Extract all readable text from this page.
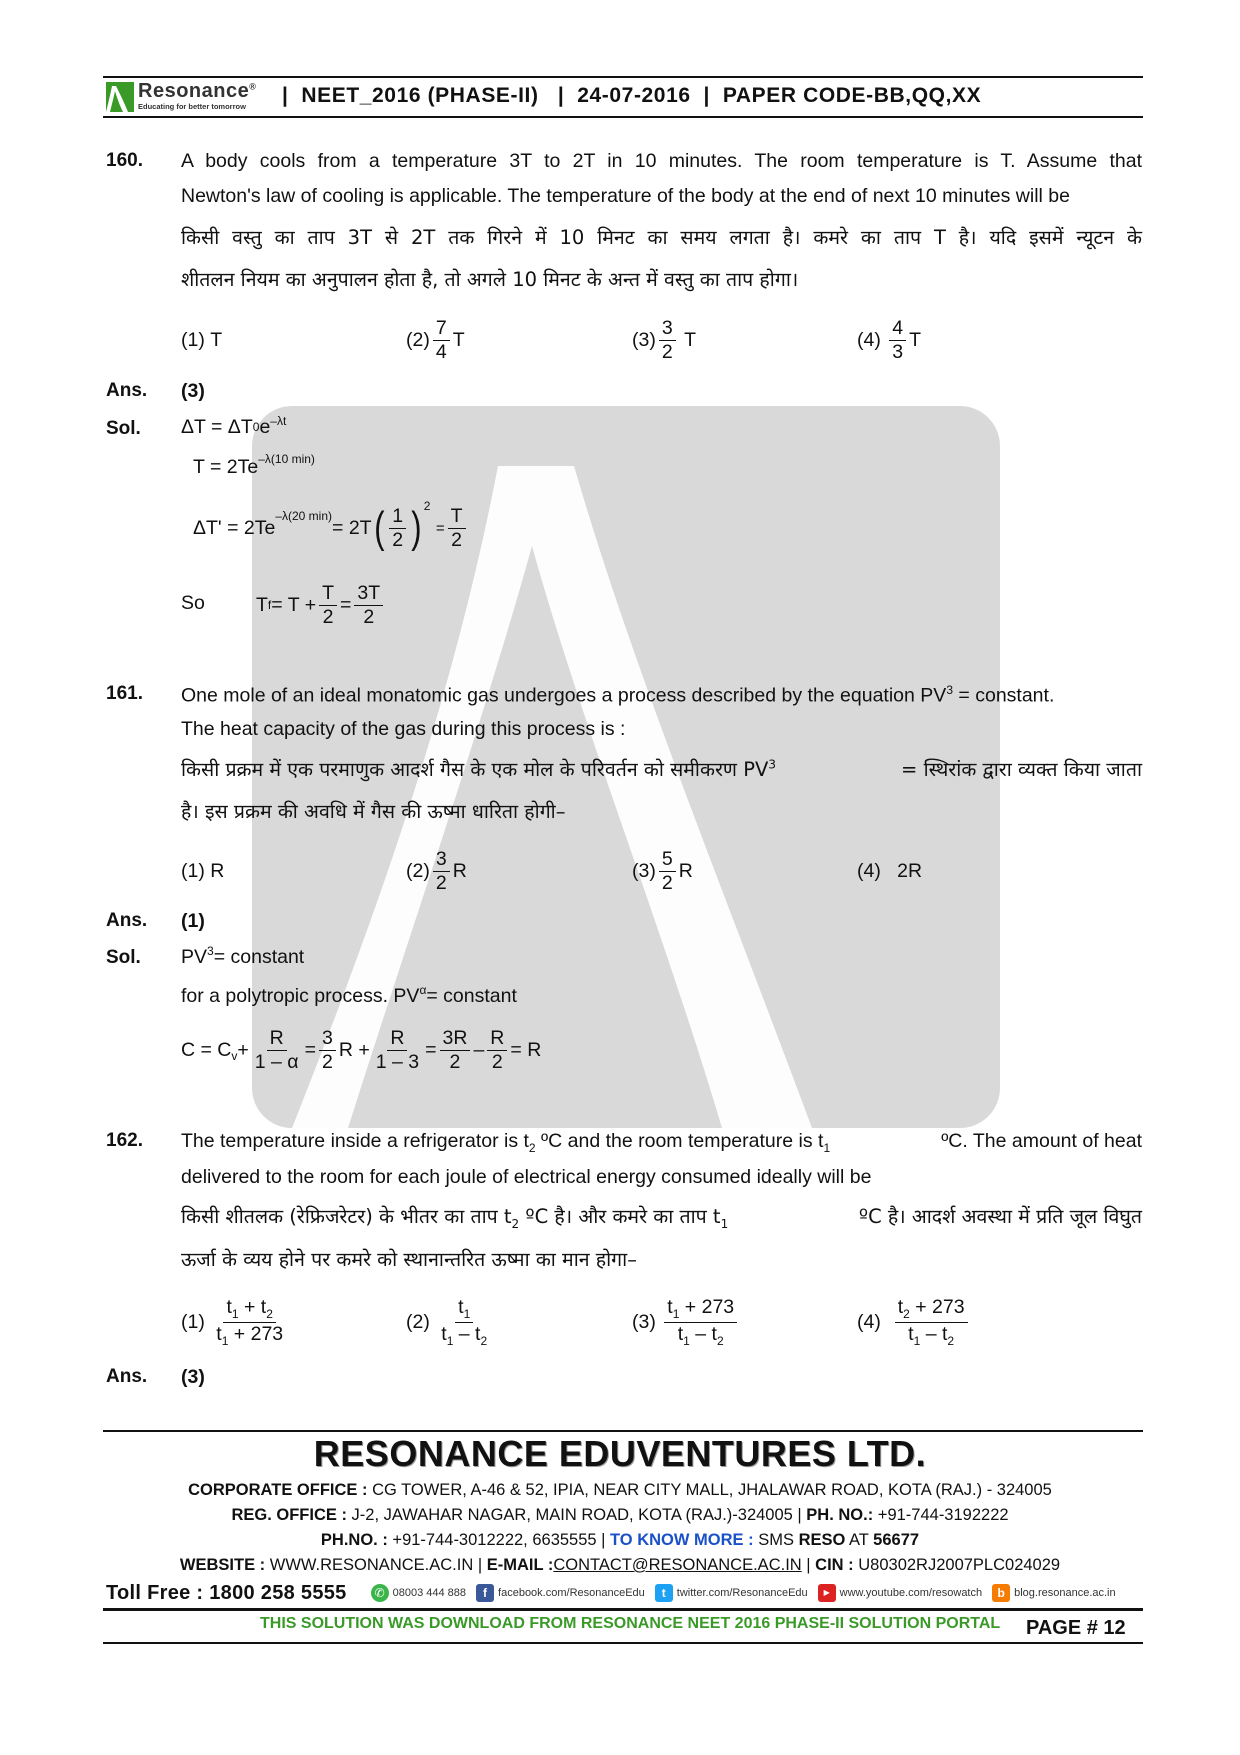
Resonance®
Educating for better tomorrow |  NEET_2016 (PHASE-II)   |  24-07-2016  |  PAPER CODE-BB,QQ,XX
160. A body cools from a temperature 3T to 2T in 10 minutes. The room temperature is T. Assume that
Newton's law of cooling is applicable. The temperature of the body at the end of next 10 minutes will be
किसी वस्तु का ताप 3T से 2T तक गिरने में 10 मिनट का समय लगता है। कमरे का ताप T है। यदि इसमें न्यूटन के
शीतलन नियम का अनुपालन होता है, तो अगले 10 मिनट के अन्त में वस्तु का ताप होगा।
(1)
T	$(2) \frac{7}{4}$ T	$(3) \frac{3}{2}$
T	(4)
$\frac{4}{3}$ T
Ans. (3)
Sol. ΔT = ΔT 0 $e^{-\lambda t}$
$T = 2Te^{-\lambda(10 min)}$
ΔT' = 2Te
$^{-\lambda(20 min)}$
= 2T ( $\frac{1}{2} )^2$

= $\frac{T}{2}$
So	T $f = T + \frac{T}{2} = \frac{3T}{2}$
161. One mole of an ideal monatomic gas undergoes a process described by the equation $PV^3$ = constant.
The heat capacity of the gas during this process is :
किसी प्रक्रम में एक परमाणुक आदर्श गैस के एक मोल के परिवर्तन को समीकरण $PV^3$	= स्थिरांक द्वारा व्यक्त किया जाता
है। इस प्रक्रम की अवधि में गैस की ऊष्मा धारिता होगी–
(1)
R	$(2) \frac{3}{2}$ R	$(3) \frac{5}{2}$ R	(4)
2R
Ans. (1)
Sol. $PV^3$ = constant
for a polytropic process. $PV^\alpha$ = constant
$C = C_v + \frac{R}{1 - \alpha} = \frac{3}{2}$ $R + \frac{R}{1 - 3} = \frac{3R}{2} - \frac{R}{2} = R$
162. The temperature inside a refrigerator is $t_2$ ºC and the room temperature is $t_1$	ºC. The amount of heat
delivered to the room for each joule of electrical energy consumed ideally will be
किसी शीतलक (रेफ्रिजरेटर) के भीतर का ताप $t_2$ ºC है। और कमरे का ताप $t_1$	ºC है। आदर्श अवस्था में प्रति जूल विघुत
ऊर्जा के व्यय होने पर कमरे को स्थानान्तरित ऊष्मा का मान होगा–
(1)
$\frac{t_1 + t_2}{t_1 + 273}$	(2)
$\frac{t_1}{t_1 - t_2}$	(3)
$\frac{t_1 + 273}{t_1 - t_2}$	(4)
$\frac{t_2 + 273}{t_1 - t_2}$
Ans. (3)
RESONANCE EDUVENTURES LTD.
CORPORATE OFFICE : CG TOWER, A-46 & 52, IPIA, NEAR CITY MALL, JHALAWAR ROAD, KOTA (RAJ.) - 324005
REG. OFFICE : J-2, JAWAHAR NAGAR, MAIN ROAD, KOTA (RAJ.)-324005 | PH. NO.: +91-744-3192222
PH.NO. : +91-744-3012222, 6635555 | TO KNOW MORE : SMS RESO AT 56677
WEBSITE : WWW.RESONANCE.AC.IN | E-MAIL :CONTACT@RESONANCE.AC.IN | CIN : U80302RJ2007PLC024029
Toll Free : 1800 258 5555	✆ 08003 444 888	f	facebook.com/ResonanceEdu	t	twitter.com/ResonanceEdu	▶ www.youtube.com/resowatch	b blog.resonance.ac.in
THIS SOLUTION WAS DOWNLOAD FROM RESONANCE NEET 2016 PHASE-II SOLUTION PORTAL PAGE # 12
